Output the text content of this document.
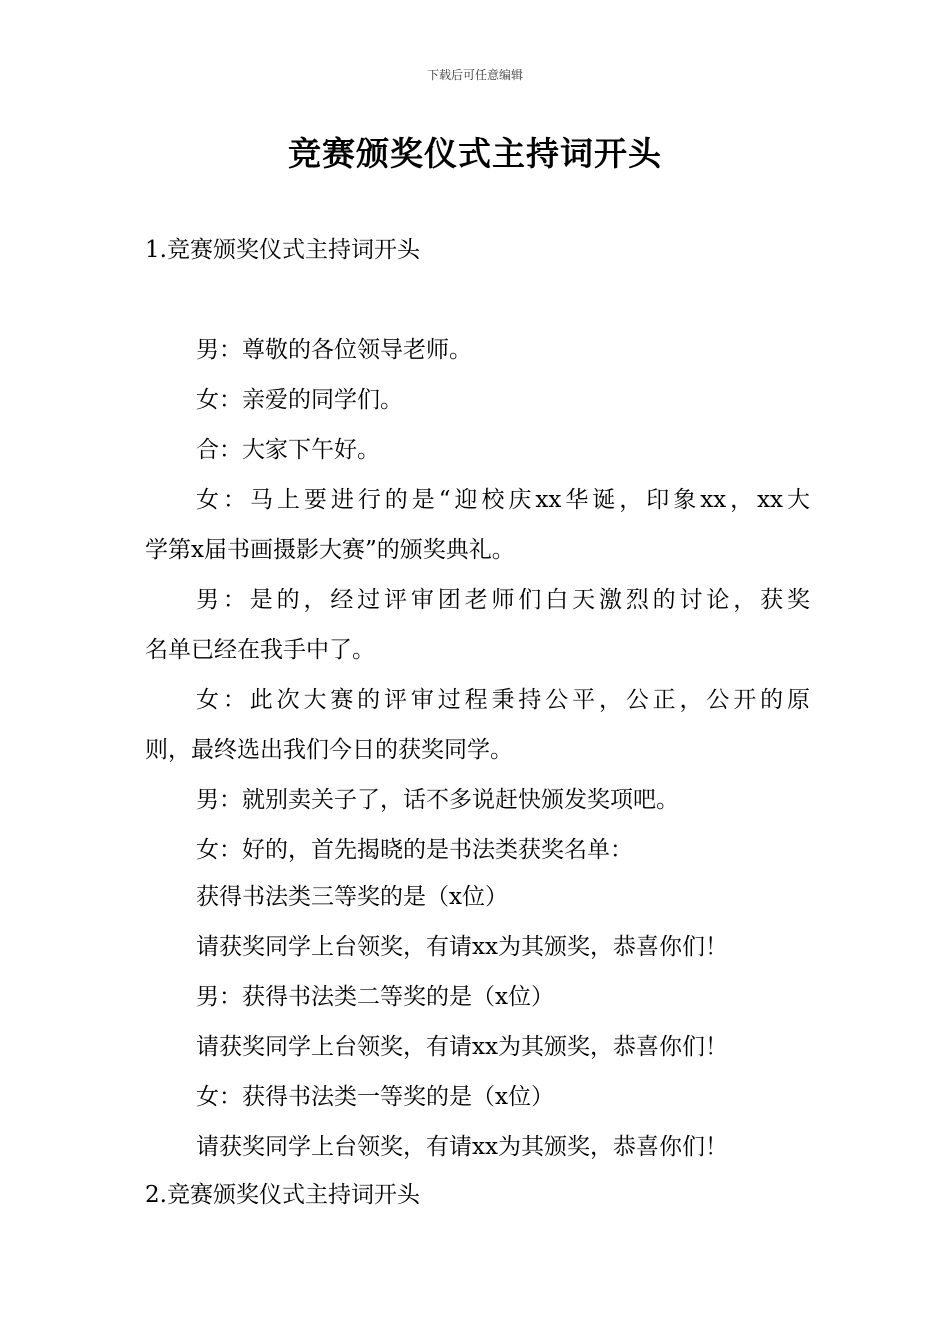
下载后可任意编辑
竞赛颁奖仪式主持词开头
1.竞赛颁奖仪式主持词开头
男：尊敬的各位领导老师。
女：亲爱的同学们。
合：大家下午好。
女：马上要进行的是“迎校庆xx华诞，印象xx，xx大
学第x届书画摄影大赛”的颁奖典礼。
男：是的，经过评审团老师们白天激烈的讨论，获奖
名单已经在我手中了。
女：此次大赛的评审过程秉持公平，公正，公开的原
则，最终选出我们今日的获奖同学。
男：就别卖关子了，话不多说赶快颁发奖项吧。
女：好的，首先揭晓的是书法类获奖名单：
获得书法类三等奖的是（x位）
请获奖同学上台领奖，有请xx为其颁奖，恭喜你们！
男：获得书法类二等奖的是（x位）
请获奖同学上台领奖，有请xx为其颁奖，恭喜你们！
女：获得书法类一等奖的是（x位）
请获奖同学上台领奖，有请xx为其颁奖，恭喜你们！
2.竞赛颁奖仪式主持词开头
